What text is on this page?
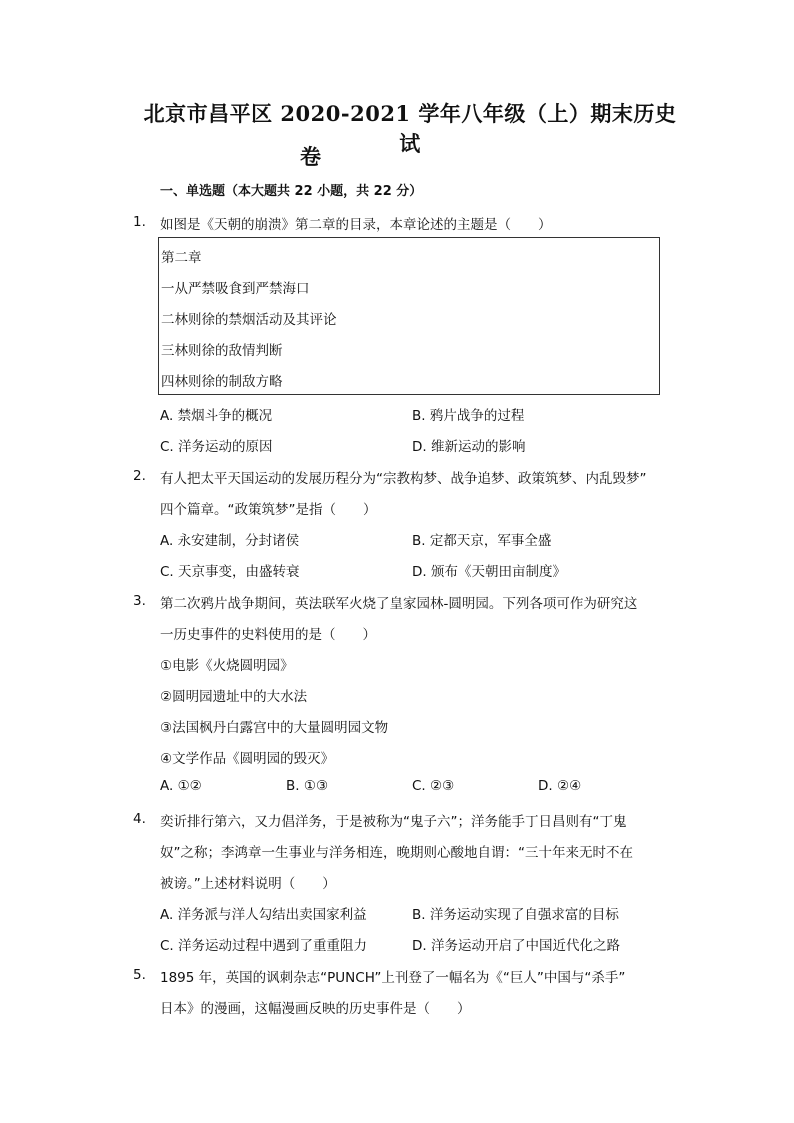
北京市昌平区 2020-2021 学年八年级（上）期末历史试
卷
一、单选题（本大题共 22 小题，共 22 分）
1. 如图是《天朝的崩溃》第二章的目录，本章论述的主题是（　　）
第二章
一从严禁吸食到严禁海口
二林则徐的禁烟活动及其评论
三林则徐的敌情判断
四林则徐的制敌方略
A. 禁烟斗争的概况	B. 鸦片战争的过程
C. 洋务运动的原因	D. 维新运动的影响
2. 有人把太平天国运动的发展历程分为“宗教构梦、战争追梦、政策筑梦、内乱毁梦”
四个篇章。“政策筑梦”是指（　　）
A. 永安建制，分封诸侯	B. 定都天京，军事全盛
C. 天京事变，由盛转衰	D. 颁布《天朝田亩制度》
3. 第二次鸦片战争期间，英法联军火烧了皇家园林-圆明园。下列各项可作为研究这
一历史事件的史料使用的是（　　）
①电影《火烧圆明园》
②圆明园遗址中的大水法
③法国枫丹白露宫中的大量圆明园文物
④文学作品《圆明园的毁灭》
A. ①②	B. ①③	C. ②③	D. ②④
4. 奕䜣排行第六，又力倡洋务，于是被称为“鬼子六”；洋务能手丁日昌则有“丁鬼
奴”之称；李鸿章一生事业与洋务相连，晚期则心酸地自谓：“三十年来无时不在
被谤。”上述材料说明（　　）
A. 洋务派与洋人勾结出卖国家利益	B. 洋务运动实现了自强求富的目标
C. 洋务运动过程中遇到了重重阻力	D. 洋务运动开启了中国近代化之路
5. 1895 年，英国的讽刺杂志“PUNCH”上刊登了一幅名为《“巨人”中国与“杀手”
日本》的漫画，这幅漫画反映的历史事件是（　　）
